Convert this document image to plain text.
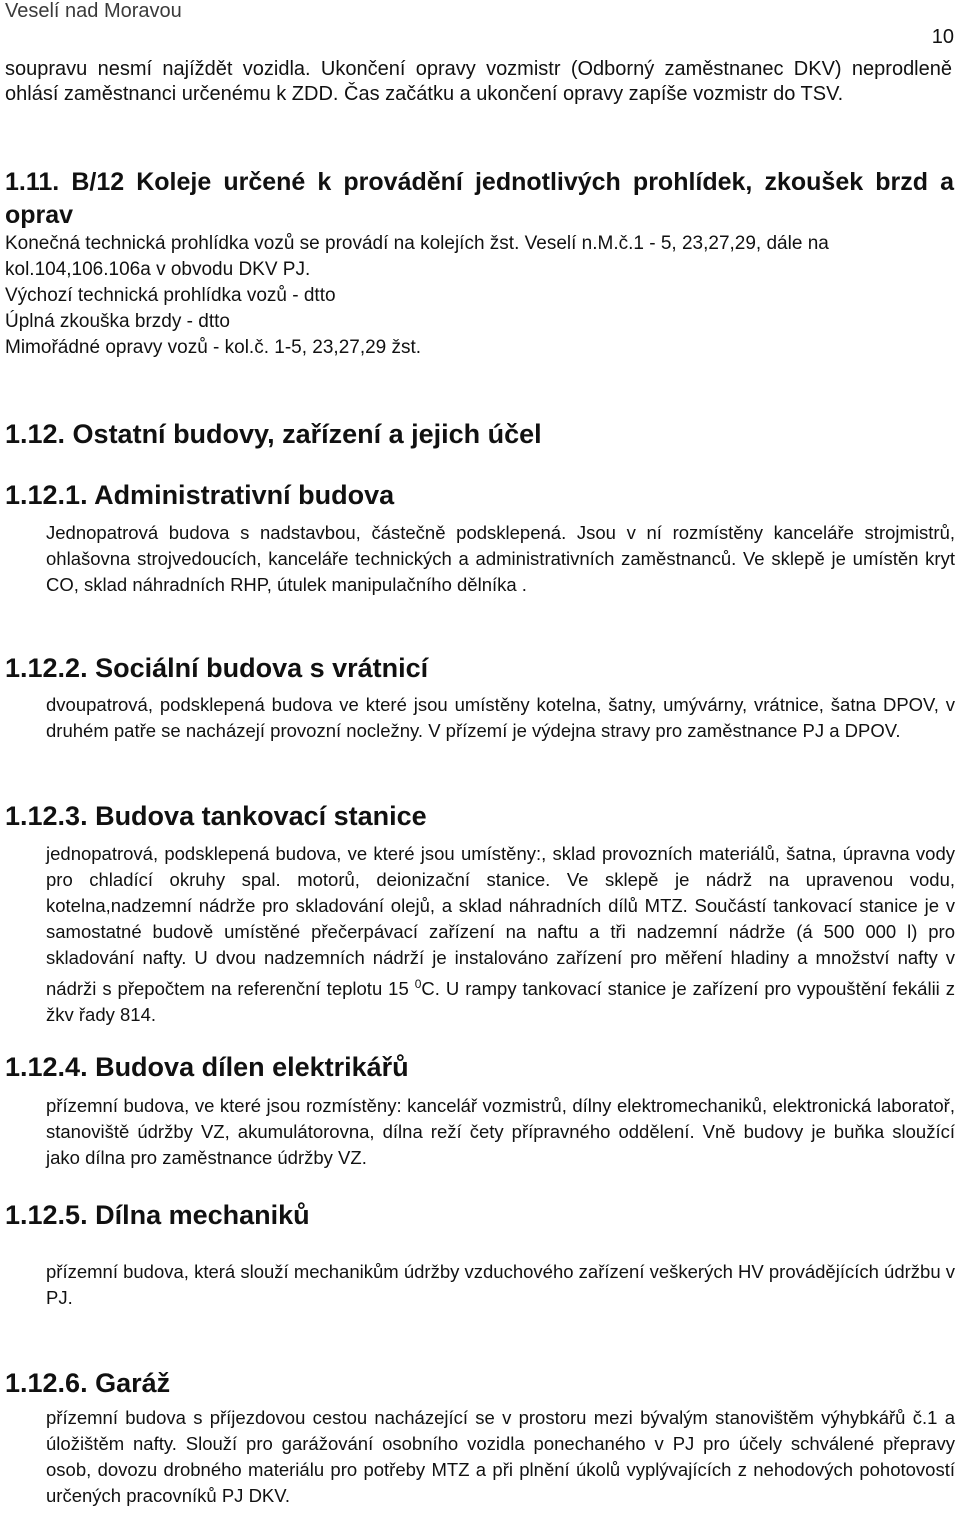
Veselí nad Moravou
10

soupravu nesmí najíždět vozidla. Ukončení opravy vozmistr (Odborný zaměstnanec DKV) neprodleně ohlásí zaměstnanci určenému k ZDD. Čas začátku a ukončení opravy zapíše vozmistr do TSV.

1.11. B/12 Koleje určené k provádění jednotlivých prohlídek, zkoušek brzd a oprav
Konečná technická prohlídka vozů se provádí na kolejích žst. Veselí n.M.č.1 - 5, 23,27,29, dále na
kol.104,106.106a v obvodu DKV PJ.
Výchozí technická prohlídka vozů - dtto
Úplná zkouška brzdy - dtto
Mimořádné opravy vozů - kol.č. 1-5, 23,27,29 žst.
1.12. Ostatní budovy, zařízení a jejich účel
1.12.1. Administrativní budova

Jednopatrová budova s nadstavbou, částečně podsklepená. Jsou v ní rozmístěny kanceláře strojmistrů, ohlašovna strojvedoucích, kanceláře technických a administrativních zaměstnanců. Ve sklepě je umístěn kryt CO, sklad náhradních RHP, útulek manipulačního dělníka .

1.12.2. Sociální budova s vrátnicí

dvoupatrová, podsklepená budova ve které jsou umístěny kotelna, šatny, umývárny, vrátnice, šatna DPOV, v druhém patře se nacházejí provozní nocležny. V přízemí je výdejna stravy pro zaměstnance PJ a DPOV.

1.12.3. Budova tankovací stanice

jednopatrová, podsklepená budova, ve které jsou umístěny:, sklad provozních materiálů, šatna, úpravna vody pro chladící okruhy spal. motorů, deionizační stanice. Ve sklepě je nádrž na upravenou vodu, kotelna,nadzemní nádrže pro skladování olejů, a sklad náhradních dílů MTZ. Součástí tankovací stanice je v samostatné budově umístěné přečerpávací zařízení na naftu a tři nadzemní nádrže (á 500 000 l) pro skladování nafty. U dvou nadzemních nádrží je instalováno zařízení pro měření hladiny a množství nafty v nádrži s přepočtem na referenční teplotu 15 $^0$C. U rampy tankovací stanice je zařízení pro vypouštění fekálii z žkv řady 814.

1.12.4. Budova dílen elektrikářů

přízemní budova, ve které jsou rozmístěny: kancelář vozmistrů, dílny elektromechaniků, elektronická laboratoř, stanoviště údržby VZ, akumulátorovna, dílna reží čety přípravného oddělení. Vně budovy je buňka sloužící jako dílna pro zaměstnance údržby VZ.

1.12.5. Dílna mechaniků

přízemní budova, která slouží mechanikům údržby vzduchového zařízení veškerých HV provádějících údržbu v PJ.

1.12.6. Garáž

přízemní budova s příjezdovou cestou nacházející se v prostoru mezi bývalým stanovištěm výhybkářů č.1 a úložištěm nafty. Slouží pro garážování osobního vozidla ponechaného v PJ pro účely schválené přepravy osob, dovozu drobného materiálu pro potřeby MTZ a při plnění úkolů vyplývajících z nehodových pohotovostí určených pracovníků PJ DKV.
